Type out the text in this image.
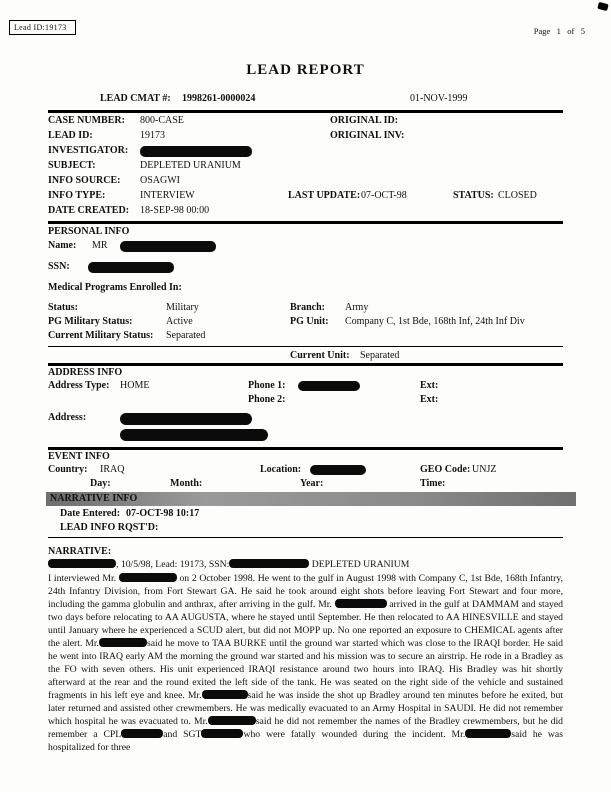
Lead ID:19173	Page   1   of   5
LEAD REPORT
LEAD CMAT #: 1998261-0000024	01-NOV-1999
CASE NUMBER: 800-CASE	ORIGINAL ID:
LEAD ID:	19173	ORIGINAL INV:
INVESTIGATOR:
SUBJECT:	DEPLETED URANIUM
INFO SOURCE: OSAGWI
INFO TYPE:	INTERVIEW	LAST UPDATE: 07-OCT-98	STATUS: CLOSED
DATE CREATED: 18-SEP-98 00:00
PERSONAL INFO
Name: MR
SSN:
Medical Programs Enrolled In:
Status:	Military	Branch: Army
PG Military Status:	Active	PG Unit: Company C, 1st Bde, 168th Inf, 24th Inf Div
Current Military Status: Separated
Current Unit: Separated
ADDRESS INFO
Address Type: HOME	Phone 1:	Ext:
Phone 2:	Ext:
Address:
EVENT INFO
Country: IRAQ	Location:	GEO Code: UNJZ
Day:	Month:	Year:	Time:
NARRATIVE INFO
Date Entered: 07-OCT-98 10:17
LEAD INFO RQST'D:
NARRATIVE:
, 10/5/98, Lead: 19173, SSN:	DEPLETED URANIUM
I interviewed Mr.	on 2 October 1998. He went to the gulf in August 1998 with Company C, 1st Bde, 168th Infantry, 24th Infantry Division, from Fort Stewart GA. He said he took around eight shots before leaving Fort Stewart and four more, including the gamma globulin and anthrax, after arriving in the gulf. Mr.	arrived in the gulf at DAMMAM and stayed two days before relocating to AA AUGUSTA, where he stayed until September. He then relocated to AA HINESVILLE and stayed until January where he experienced a SCUD alert, but did not MOPP up. No one reported an exposure to CHEMICAL agents after the alert. Mr.	said he move to TAA BURKE until the ground war started which was close to the IRAQI border. He said he went into IRAQ early AM the morning the ground war started and his mission was to secure an airstrip. He rode in a Bradley as the FO with seven others. His unit experienced IRAQI resistance around two hours into IRAQ. His Bradley was hit shortly afterward at the rear and the round exited the left side of the tank. He was seated on the right side of the vehicle and sustained fragments in his left eye and knee. Mr.	said he was inside the shot up Bradley around ten minutes before he exited, but later returned and assisted other crewmembers. He was medically evacuated to an Army Hospital in SAUDI. He did not remember which hospital he was evacuated to. Mr.	said he did not remember the names of the Bradley crewmembers, but he did remember a CPL	and SGT	who were fatally wounded during the incident. Mr.	said he was hospitalized for three
